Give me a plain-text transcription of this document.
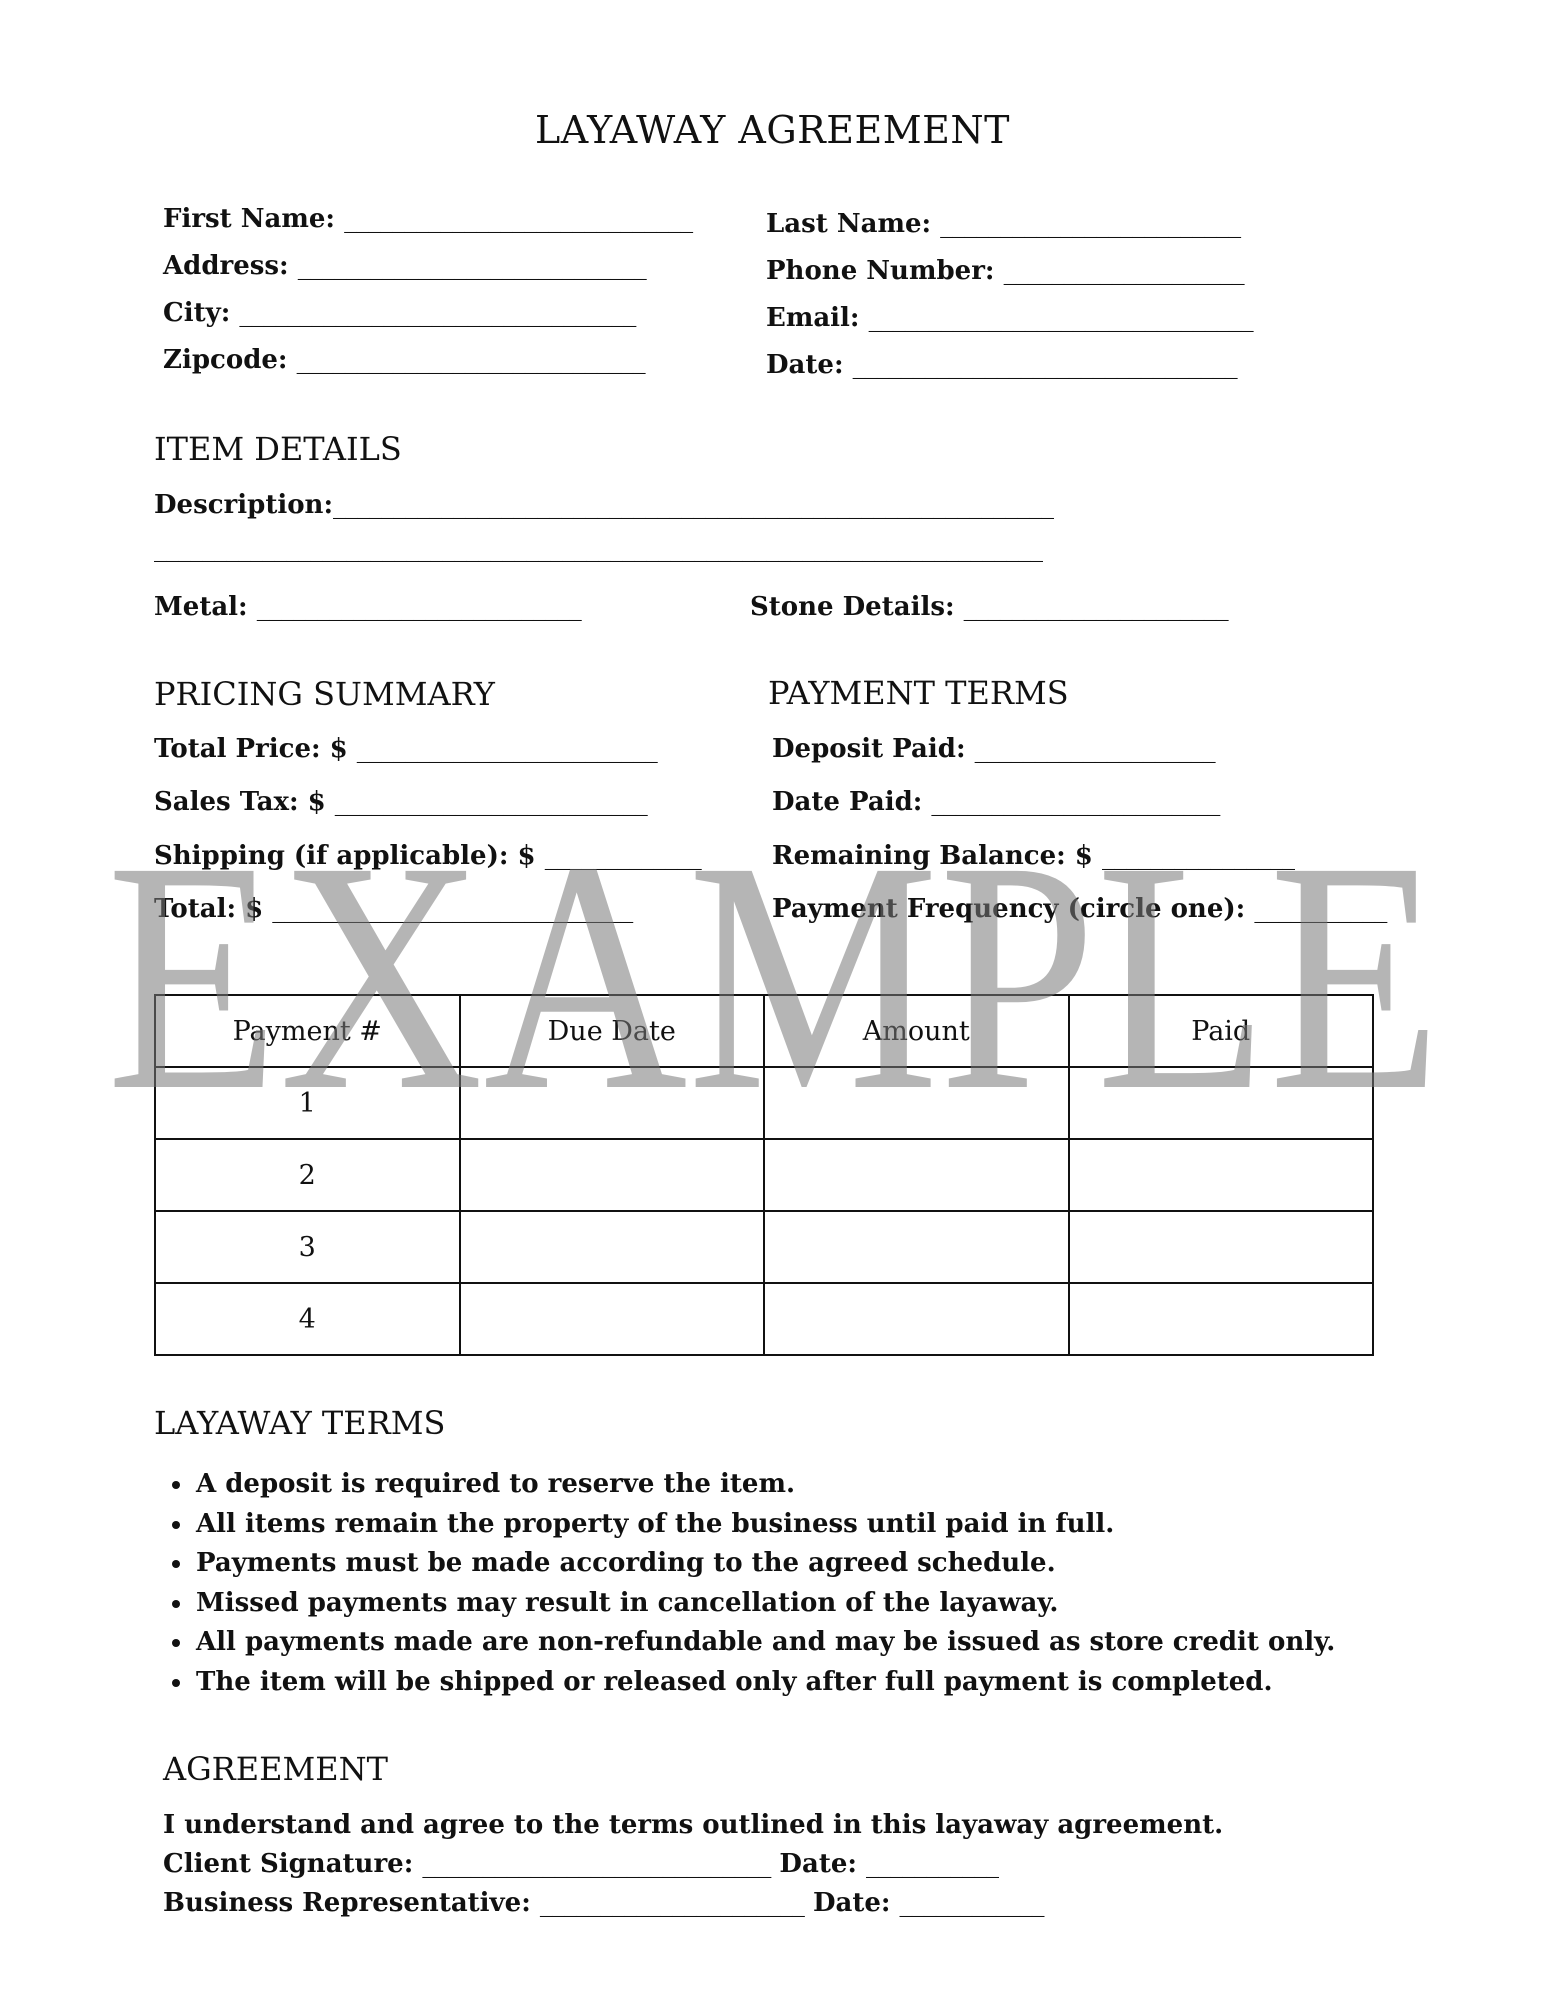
LAYAWAY AGREEMENT
First Name: _____________________________
Address: _____________________________
City: _________________________________
Zipcode: _____________________________
Last Name: _________________________
Phone Number: ____________________
Email: ________________________________
Date: ________________________________
ITEM DETAILS
Description:____________________________________________________________
__________________________________________________________________________
Metal: ___________________________	Stone Details: ______________________
PRICING SUMMARY
Total Price: $ _________________________
Sales Tax: $ __________________________
Shipping (if applicable): $ _____________
Total: $ ______________________________
PAYMENT TERMS
Deposit Paid: ____________________
Date Paid: ________________________
Remaining Balance: $ ________________
Payment Frequency (circle one): ___________
Payment #	Due Date	Amount	Paid
1			
2			
3			
4			
LAYAWAY TERMS
• A deposit is required to reserve the item.
• All items remain the property of the business until paid in full.
• Payments must be made according to the agreed schedule.
• Missed payments may result in cancellation of the layaway.
• All payments made are non-refundable and may be issued as store credit only.
• The item will be shipped or released only after full payment is completed.
AGREEMENT
I understand and agree to the terms outlined in this layaway agreement.
Client Signature: _____________________________ Date: ___________
Business Representative: ______________________ Date: ____________
EXAMPLE
